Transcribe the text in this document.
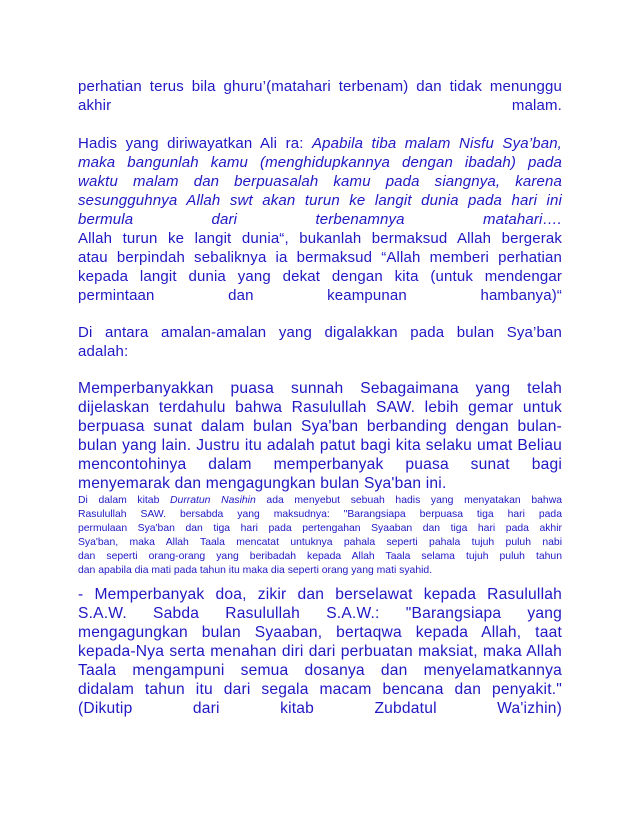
perhatian terus bila ghuru’(matahari terbenam) dan tidak menunggu
akhir	malam.
Hadis yang diriwayatkan Ali ra: Apabila tiba malam Nisfu Sya’ban,
maka bangunlah kamu (menghidupkannya dengan ibadah) pada
waktu malam dan berpuasalah kamu pada siangnya, karena
sesungguhnya Allah swt akan turun ke langit dunia pada hari ini
bermula dari terbenamnya matahari….
Allah turun ke langit dunia“, bukanlah bermaksud Allah bergerak
atau berpindah sebaliknya ia bermaksud “Allah memberi perhatian
kepada langit dunia yang dekat dengan kita (untuk mendengar
permintaan dan keampunan hambanya)“
Di antara amalan-amalan yang digalakkan pada bulan Sya’ban
adalah:
Memperbanyakkan puasa sunnah Sebagaimana yang telah
dijelaskan terdahulu bahwa Rasulullah SAW. lebih gemar untuk
berpuasa sunat dalam bulan Sya'ban berbanding dengan bulan-
bulan yang lain. Justru itu adalah patut bagi kita selaku umat Beliau
mencontohinya dalam memperbanyak puasa sunat bagi
menyemarak dan mengagungkan bulan Sya'ban ini.
Di dalam kitab Durratun Nasihin ada menyebut sebuah hadis yang menyatakan bahwa
Rasulullah SAW. bersabda yang maksudnya: "Barangsiapa berpuasa tiga hari pada
permulaan Sya'ban dan tiga hari pada pertengahan Syaaban dan tiga hari pada akhir
Sya'ban, maka Allah Taala mencatat untuknya pahala seperti pahala tujuh puluh nabi
dan seperti orang-orang yang beribadah kepada Allah Taala selama tujuh puluh tahun
dan apabila dia mati pada tahun itu maka dia seperti orang yang mati syahid.
- Memperbanyak doa, zikir dan berselawat kepada Rasulullah
S.A.W. Sabda Rasulullah S.A.W.: "Barangsiapa yang
mengagungkan bulan Syaaban, bertaqwa kepada Allah, taat
kepada-Nya serta menahan diri dari perbuatan maksiat, maka Allah
Taala mengampuni semua dosanya dan menyelamatkannya
didalam tahun itu dari segala macam bencana dan penyakit."
(Dikutip dari kitab Zubdatul Wa'izhin)
